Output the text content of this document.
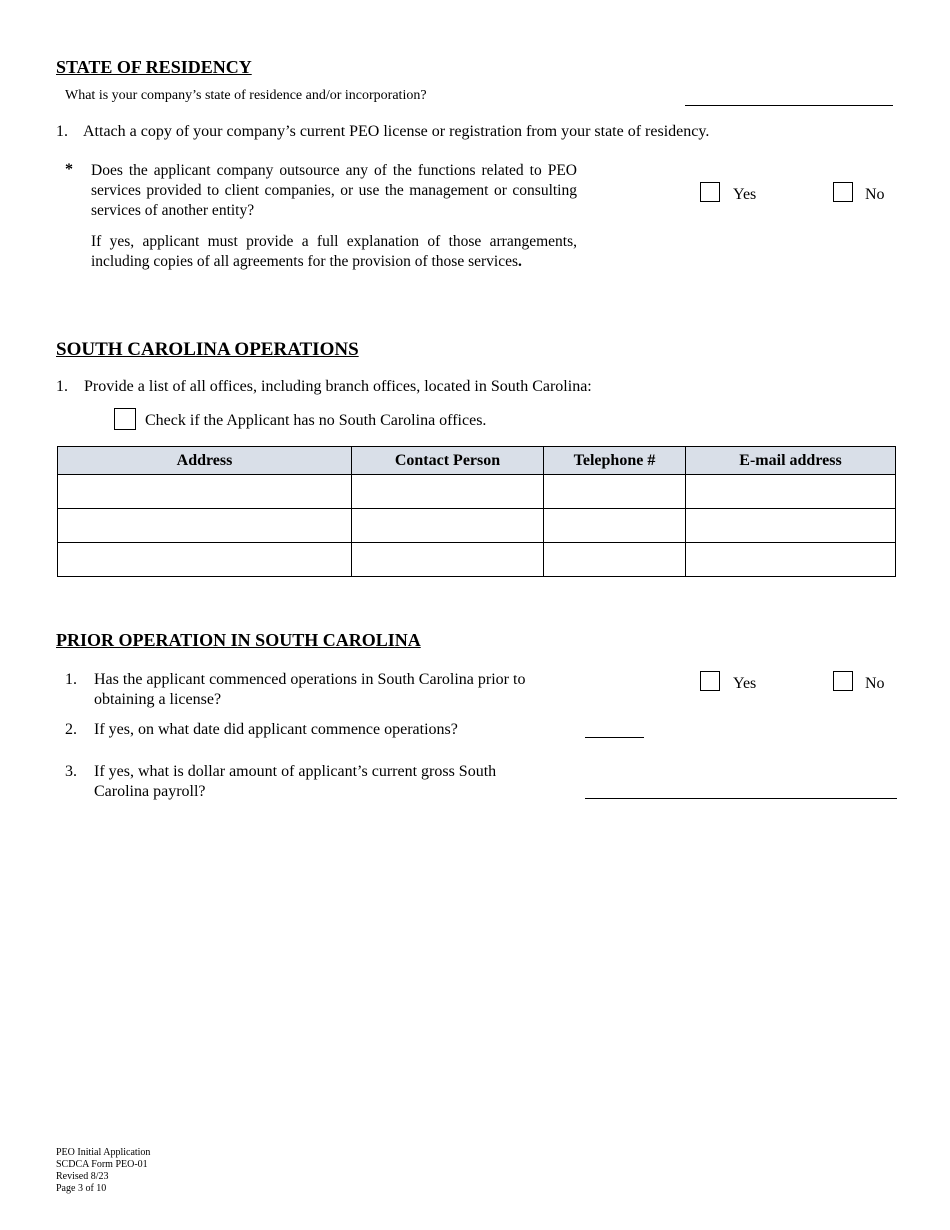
STATE OF RESIDENCY
What is your company’s state of residence and/or incorporation?
1. Attach a copy of your company’s current PEO license or registration from your state of residency.
* Does the applicant company outsource any of the functions related to PEO services provided to client companies, or use the management or consulting services of another entity?
Yes	No
If yes, applicant must provide a full explanation of those arrangements, including copies of all agreements for the provision of those services.
SOUTH CAROLINA OPERATIONS
1. Provide a list of all offices, including branch offices, located in South Carolina:
Check if the Applicant has no South Carolina offices.
Address	Contact Person	Telephone #	E-mail address

PRIOR OPERATION IN SOUTH CAROLINA
1. Has the applicant commenced operations in South Carolina prior to obtaining a license?
Yes	No
2. If yes, on what date did applicant commence operations?
3. If yes, what is dollar amount of applicant’s current gross South Carolina payroll?
PEO Initial Application
SCDCA Form PEO-01
Revised 8/23
Page 3 of 10
